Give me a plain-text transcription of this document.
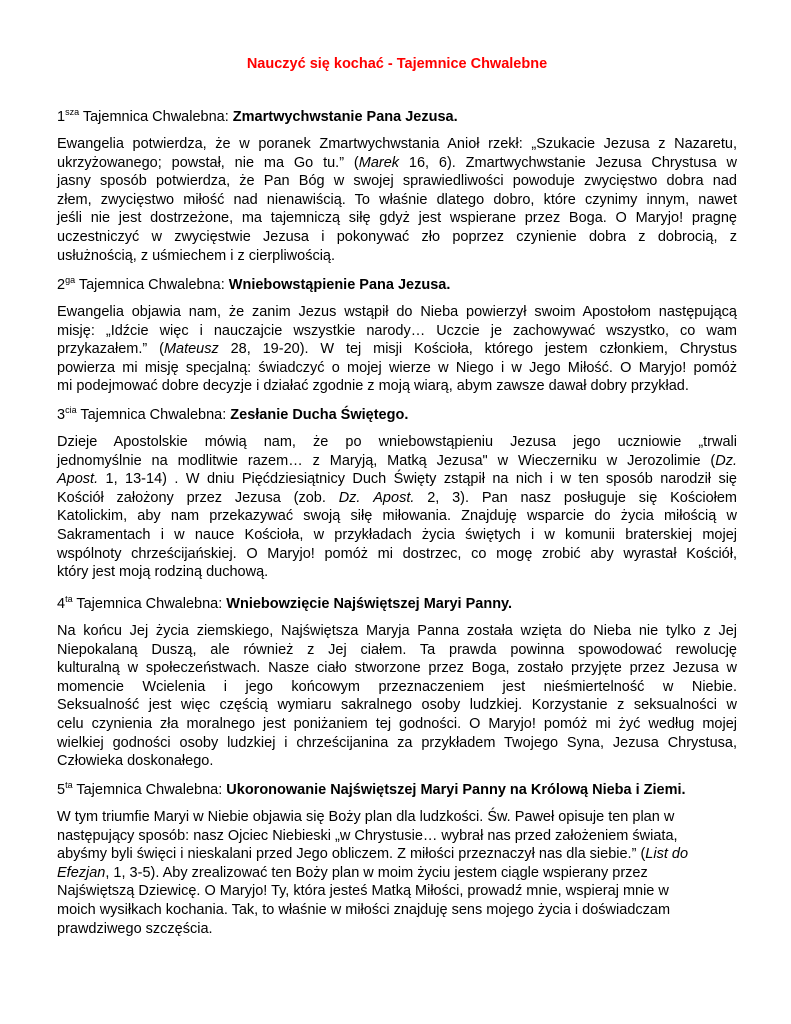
Nauczyć się kochać - Tajemnice Chwalebne
$1^{sza}$ Tajemnica Chwalebna: Zmartwychwstanie Pana Jezusa.
Ewangelia potwierdza, że w poranek Zmartwychwstania Anioł rzekł: „Szukacie Jezusa z Nazaretu,
ukrzyżowanego; powstał, nie ma Go tu.” (Marek 16, 6). Zmartwychwstanie Jezusa Chrystusa w
jasny sposób potwierdza, że Pan Bóg w swojej sprawiedliwości powoduje zwycięstwo dobra nad
złem, zwycięstwo miłość nad nienawiścią. To właśnie dlatego dobro, które czynimy innym, nawet
jeśli nie jest dostrzeżone, ma tajemniczą siłę gdyż jest wspierane przez Boga. O Maryjo! pragnę
uczestniczyć w zwycięstwie Jezusa i pokonywać zło poprzez czynienie dobra z dobrocią, z
usłużnością, z uśmiechem i z cierpliwością.
$2^{ga}$ Tajemnica Chwalebna: Wniebowstąpienie Pana Jezusa.
Ewangelia objawia nam, że zanim Jezus wstąpił do Nieba powierzył swoim Apostołom następującą
misję: „Idźcie więc i nauczajcie wszystkie narody… Uczcie je zachowywać wszystko, co wam
przykazałem.” (Mateusz 28, 19-20). W tej misji Kościoła, którego jestem członkiem, Chrystus
powierza mi misję specjalną: świadczyć o mojej wierze w Niego i w Jego Miłość. O Maryjo! pomóż
mi podejmować dobre decyzje i działać zgodnie z moją wiarą, abym zawsze dawał dobry przykład.
$3^{cia}$ Tajemnica Chwalebna: Zesłanie Ducha Świętego.
Dzieje Apostolskie mówią nam, że po wniebowstąpieniu Jezusa jego uczniowie „trwali
jednomyślnie na modlitwie razem… z Maryją, Matką Jezusa" w Wieczerniku w Jerozolimie (Dz.
Apost. 1, 13-14) . W dniu Pięćdziesiątnicy Duch Święty zstąpił na nich i w ten sposób narodził się
Kościół założony przez Jezusa (zob. Dz. Apost. 2, 3). Pan nasz posługuje się Kościołem
Katolickim, aby nam przekazywać swoją siłę miłowania. Znajduję wsparcie do życia miłością w
Sakramentach i w nauce Kościoła, w przykładach życia świętych i w komunii braterskiej mojej
wspólnoty chrześcijańskiej. O Maryjo! pomóż mi dostrzec, co mogę zrobić aby wyrastał Kościół,
który jest moją rodziną duchową.
$4^{ta}$ Tajemnica Chwalebna: Wniebowzięcie Najświętszej Maryi Panny.
Na końcu Jej życia ziemskiego, Najświętsza Maryja Panna została wzięta do Nieba nie tylko z Jej
Niepokalaną Duszą, ale również z Jej ciałem. Ta prawda powinna spowodować rewolucję
kulturalną w społeczeństwach. Nasze ciało stworzone przez Boga, zostało przyjęte przez Jezusa w
momencie Wcielenia i jego końcowym przeznaczeniem jest nieśmiertelność w Niebie.
Seksualność jest więc częścią wymiaru sakralnego osoby ludzkiej. Korzystanie z seksualności w
celu czynienia zła moralnego jest poniżaniem tej godności. O Maryjo! pomóż mi żyć według mojej
wielkiej godności osoby ludzkiej i chrześcijanina za przykładem Twojego Syna, Jezusa Chrystusa,
Człowieka doskonałego.
$5^{ta}$ Tajemnica Chwalebna: Ukoronowanie Najświętszej Maryi Panny na Królową Nieba i Ziemi.
W tym triumfie Maryi w Niebie objawia się Boży plan dla ludzkości. Św. Paweł opisuje ten plan w
następujący sposób: nasz Ojciec Niebieski „w Chrystusie… wybrał nas przed założeniem świata,
abyśmy byli święci i nieskalani przed Jego obliczem. Z miłości przeznaczył nas dla siebie.” (List do
Efezjan, 1, 3-5). Aby zrealizować ten Boży plan w moim życiu jestem ciągle wspierany przez
Najświętszą Dziewicę. O Maryjo! Ty, która jesteś Matką Miłości, prowadź mnie, wspieraj mnie w
moich wysiłkach kochania. Tak, to właśnie w miłości znajduję sens mojego życia i doświadczam
prawdziwego szczęścia.
